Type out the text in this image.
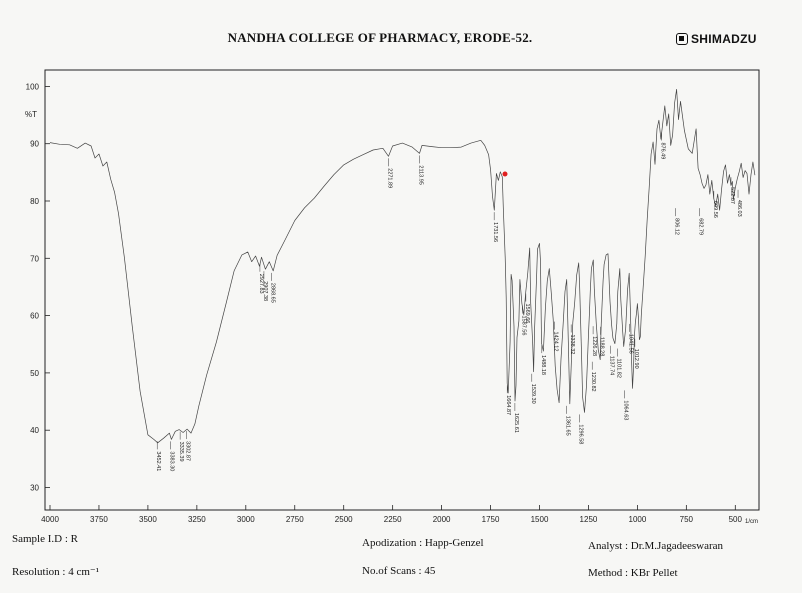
NANDHA COLLEGE OF PHARMACY, ERODE-52.	SHIMADZU
30
40
50
60
70
80
90
100
4000	3750	3500	3250	3000	2750	2500	2250	2000	1750	1500	1250	1000	750	500
%T
1/cm
3452.41 3383.30 3335.39 3302.87
2927.83
2907.38 2868.65
2271.89	2113.95
1731.56
1664.87
1625.61
1587.56
1569.66
1539.30
1488.18
1424.12
1361.65
1338.32
1296.58
1230.82
1226.28 1188.28
1137.74 1101.82
1064.63
1041.56
1012.90
876.49
806.12	682.79
609.56
522.07
486.03
Sample I.D : R
Resolution : 4 cm⁻¹
Apodization : Happ-Genzel
No.of Scans : 45
Analyst : Dr.M.Jagadeeswaran
Method : KBr Pellet
